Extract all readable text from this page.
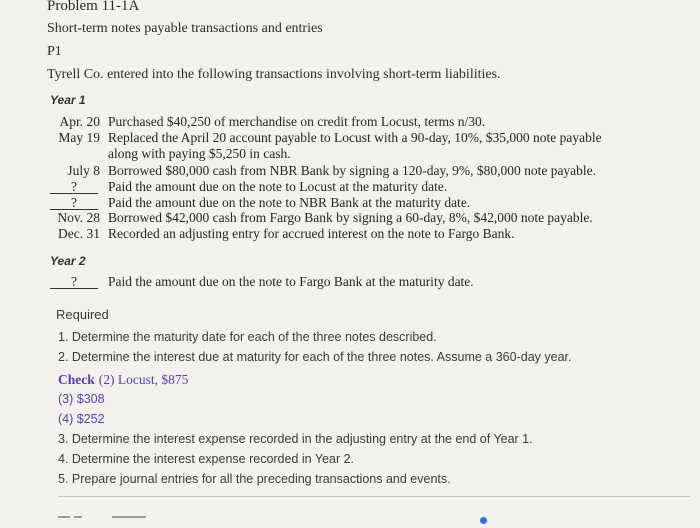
Problem 11-1A
Short-term notes payable transactions and entries
P1
Tyrell Co. entered into the following transactions involving short-term liabilities.
Year 1
Apr. 20 Purchased $40,250 of merchandise on credit from Locust, terms n/30.
May 19 Replaced the April 20 account payable to Locust with a 90-day, 10%, $35,000 note payable
along with paying $5,250 in cash.
July 8 Borrowed $80,000 cash from NBR Bank by signing a 120-day, 9%, $80,000 note payable.
?	Paid the amount due on the note to Locust at the maturity date.
?	Paid the amount due on the note to NBR Bank at the maturity date.
Nov. 28 Borrowed $42,000 cash from Fargo Bank by signing a 60-day, 8%, $42,000 note payable.
Dec. 31 Recorded an adjusting entry for accrued interest on the note to Fargo Bank.
Year 2
?	Paid the amount due on the note to Fargo Bank at the maturity date.
Required
1. Determine the maturity date for each of the three notes described.
2. Determine the interest due at maturity for each of the three notes. Assume a 360-day year.
Check (2) Locust, $875
(3) $308
(4) $252
3. Determine the interest expense recorded in the adjusting entry at the end of Year 1.
4. Determine the interest expense recorded in Year 2.
5. Prepare journal entries for all the preceding transactions and events.
